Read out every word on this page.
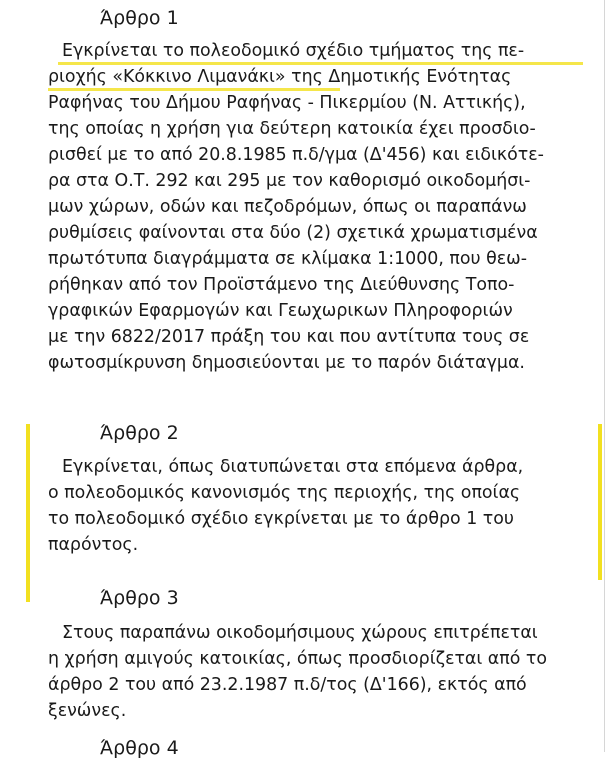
Άρθρο 1
Εγκρίνεται το πολεοδομικό σχέδιο τμήματος της πε-
ριοχής «Κόκκινο Λιμανάκι» της Δημοτικής Ενότητας
Ραφήνας του Δήμου Ραφήνας - Πικερμίου (Ν. Αττικής),
της οποίας η χρήση για δεύτερη κατοικία έχει προσδιο-
ρισθεί με το από 20.8.1985 π.δ/γμα (Δ'456) και ειδικότε-
ρα στα Ο.Τ. 292 και 295 με τον καθορισμό οικοδομήσι-
μων χώρων, οδών και πεζοδρόμων, όπως οι παραπάνω
ρυθμίσεις φαίνονται στα δύο (2) σχετικά χρωματισμένα
πρωτότυπα διαγράμματα σε κλίμακα 1:1000, που θεω-
ρήθηκαν από τον Προϊστάμενο της Διεύθυνσης Τοπο-
γραφικών Εφαρμογών και Γεωχωρικων Πληροφοριών
με την 6822/2017 πράξη του και που αντίτυπα τους σε
φωτοσμίκρυνση δημοσιεύονται με το παρόν διάταγμα.
Άρθρο 2
Εγκρίνεται, όπως διατυπώνεται στα επόμενα άρθρα,
ο πολεοδομικός κανονισμός της περιοχής, της οποίας
το πολεοδομικό σχέδιο εγκρίνεται με το άρθρο 1 του
παρόντος.
Άρθρο 3
Στους παραπάνω οικοδομήσιμους χώρους επιτρέπεται
η χρήση αμιγούς κατοικίας, όπως προσδιορίζεται από το
άρθρο 2 του από 23.2.1987 π.δ/τος (Δ'166), εκτός από
ξενώνες.
Άρθρο 4
